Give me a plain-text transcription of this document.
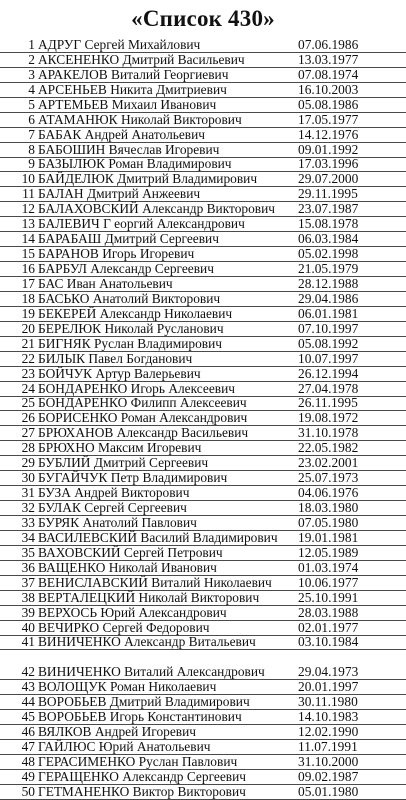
«Список 430»
1 АДРУГ Сергей Михайлович	07.06.1986
2 АКСЕНЕНКО Дмитрий Васильевич	13.03.1977
3 АРАКЕЛОВ Виталий Георгиевич	07.08.1974
4 АРСЕНЬЕВ Никита Дмитриевич	16.10.2003
5 АРТЕМЬЕВ Михаил Иванович	05.08.1986
6 АТАМАНЮК Николай Викторович	17.05.1977
7 БАБАК Андрей Анатольевич	14.12.1976
8 БАБОШИН Вячеслав Игоревич	09.01.1992
9 БАЗЫЛЮК Роман Владимирович	17.03.1996
10 БАЙДЕЛЮК Дмитрий Владимирович	29.07.2000
11 БАЛАН Дмитрий Анжеевич	29.11.1995
12 БАЛАХОВСКИЙ Александр Викторович	23.07.1987
13 БАЛЕВИЧ Г еоргий Александрович	15.08.1978
14 БАРАБАШ Дмитрий Сергеевич	06.03.1984
15 БАРАНОВ Игорь Игоревич	05.02.1998
16 БАРБУЛ Александр Сергеевич	21.05.1979
17 БАС Иван Анатольевич	28.12.1988
18 БАСЬКО Анатолий Викторович	29.04.1986
19 БЕКЕРЕЙ Александр Николаевич	06.01.1981
20 БЕРЕЛЮК Николай Русланович	07.10.1997
21 БИГНЯК Руслан Владимирович	05.08.1992
22 БИЛЫК Павел Богданович	10.07.1997
23 БОЙЧУК Артур Валерьевич	26.12.1994
24 БОНДАРЕНКО Игорь Алексеевич	27.04.1978
25 БОНДАРЕНКО Филипп Алексеевич	26.11.1995
26 БОРИСЕНКО Роман Александрович	19.08.1972
27 БРЮХАНОВ Александр Васильевич	31.10.1978
28 БРЮХНО Максим Игоревич	22.05.1982
29 БУБЛИЙ Дмитрий Сергеевич	23.02.2001
30 БУГАЙЧУК Петр Владимирович	25.07.1973
31 БУЗА Андрей Викторович	04.06.1976
32 БУЛАК Сергей Сергеевич	18.03.1980
33 БУРЯК Анатолий Павлович	07.05.1980
34 ВАСИЛЕВСКИЙ Василий Владимирович	19.01.1981
35 ВАХОВСКИЙ Сергей Петрович	12.05.1989
36 ВАЩЕНКО Николай Иванович	01.03.1974
37 ВЕНИСЛАВСКИЙ Виталий Николаевич	10.06.1977
38 ВЕРТАЛЕЦКИЙ Николай Викторович	25.10.1991
39 ВЕРХОСЬ Юрий Александрович	28.03.1988
40 ВЕЧИРКО Сергей Федорович	02.01.1977
41 ВИНИЧЕНКО Александр Витальевич	03.10.1984
42 ВИНИЧЕНКО Виталий Александрович	29.04.1973
43 ВОЛОЩУК Роман Николаевич	20.01.1997
44 ВОРОБЬЕВ Дмитрий Владимирович	30.11.1980
45 ВОРОБЬЕВ Игорь Константинович	14.10.1983
46 ВЯЛКОВ Андрей Игоревич	12.02.1990
47 ГАЙЛЮС Юрий Анатольевич	11.07.1991
48 ГЕРАСИМЕНКО Руслан Павлович	31.10.2000
49 ГЕРАЩЕНКО Александр Сергеевич	09.02.1987
50 ГЕТМАНЕНКО Виктор Викторович	05.01.1980
